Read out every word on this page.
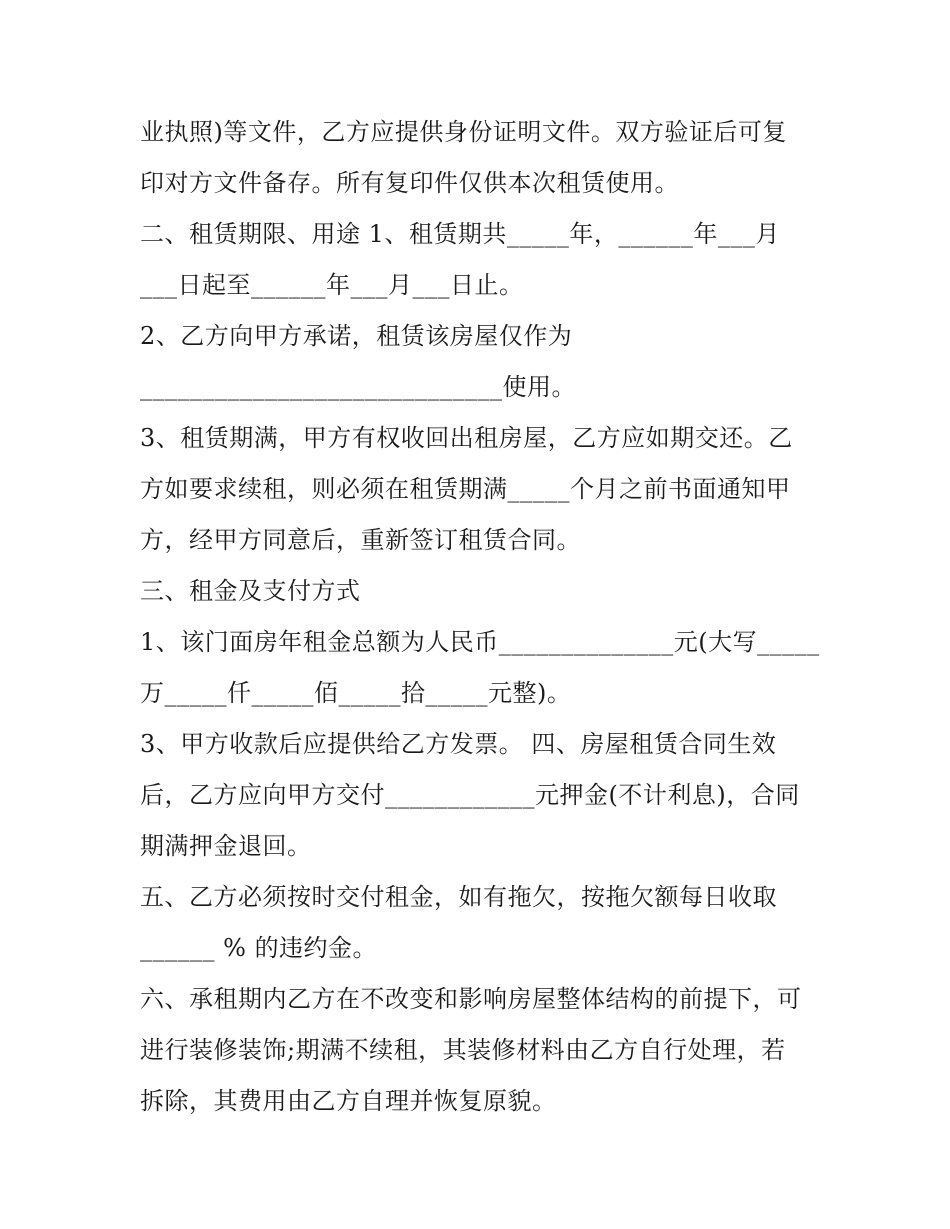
业执照)等文件，乙方应提供身份证明文件。双方验证后可复
印对方文件备存。所有复印件仅供本次租赁使用。
二、租赁期限、用途 1、租赁期共_____年，______年___月
___日起至______年___月___日止。
2、乙方向甲方承诺，租赁该房屋仅作为
_____________________________使用。
3、租赁期满，甲方有权收回出租房屋，乙方应如期交还。乙
方如要求续租，则必须在租赁期满_____个月之前书面通知甲
方，经甲方同意后，重新签订租赁合同。
三、租金及支付方式
1、该门面房年租金总额为人民币______________元(大写_____
万_____仟_____佰_____拾_____元整)。
3、甲方收款后应提供给乙方发票。 四、房屋租赁合同生效
后，乙方应向甲方交付____________元押金(不计利息)，合同
期满押金退回。
五、乙方必须按时交付租金，如有拖欠，按拖欠额每日收取
______ % 的违约金。
六、承租期内乙方在不改变和影响房屋整体结构的前提下，可
进行装修装饰;期满不续租，其装修材料由乙方自行处理，若
拆除，其费用由乙方自理并恢复原貌。
